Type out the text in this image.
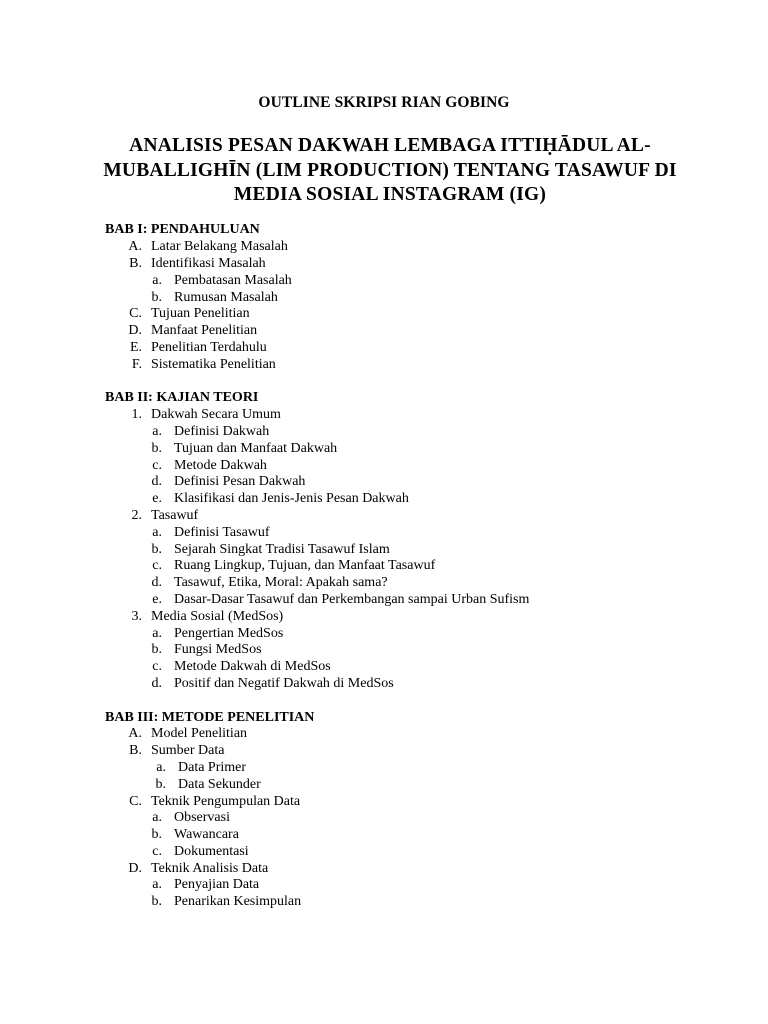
OUTLINE SKRIPSI RIAN GOBING
ANALISIS PESAN DAKWAH LEMBAGA ITTIḤĀDUL AL-
MUBALLIGHĪN (LIM PRODUCTION) TENTANG TASAWUF DI
MEDIA SOSIAL INSTAGRAM (IG)
BAB I: PENDAHULUAN
A. Latar Belakang Masalah
B. Identifikasi Masalah
a. Pembatasan Masalah
b. Rumusan Masalah
C. Tujuan Penelitian
D. Manfaat Penelitian
E. Penelitian Terdahulu
F. Sistematika Penelitian
BAB II: KAJIAN TEORI
1. Dakwah Secara Umum
a. Definisi Dakwah
b. Tujuan dan Manfaat Dakwah
c. Metode Dakwah
d. Definisi Pesan Dakwah
e. Klasifikasi dan Jenis-Jenis Pesan Dakwah
2. Tasawuf
a. Definisi Tasawuf
b. Sejarah Singkat Tradisi Tasawuf Islam
c. Ruang Lingkup, Tujuan, dan Manfaat Tasawuf
d. Tasawuf, Etika, Moral: Apakah sama?
e. Dasar-Dasar Tasawuf dan Perkembangan sampai Urban Sufism
3. Media Sosial (MedSos)
a. Pengertian MedSos
b. Fungsi MedSos
c. Metode Dakwah di MedSos
d. Positif dan Negatif Dakwah di MedSos
BAB III: METODE PENELITIAN
A. Model Penelitian
B. Sumber Data
a. Data Primer
b. Data Sekunder
C. Teknik Pengumpulan Data
a. Observasi
b. Wawancara
c. Dokumentasi
D. Teknik Analisis Data
a. Penyajian Data
b. Penarikan Kesimpulan
